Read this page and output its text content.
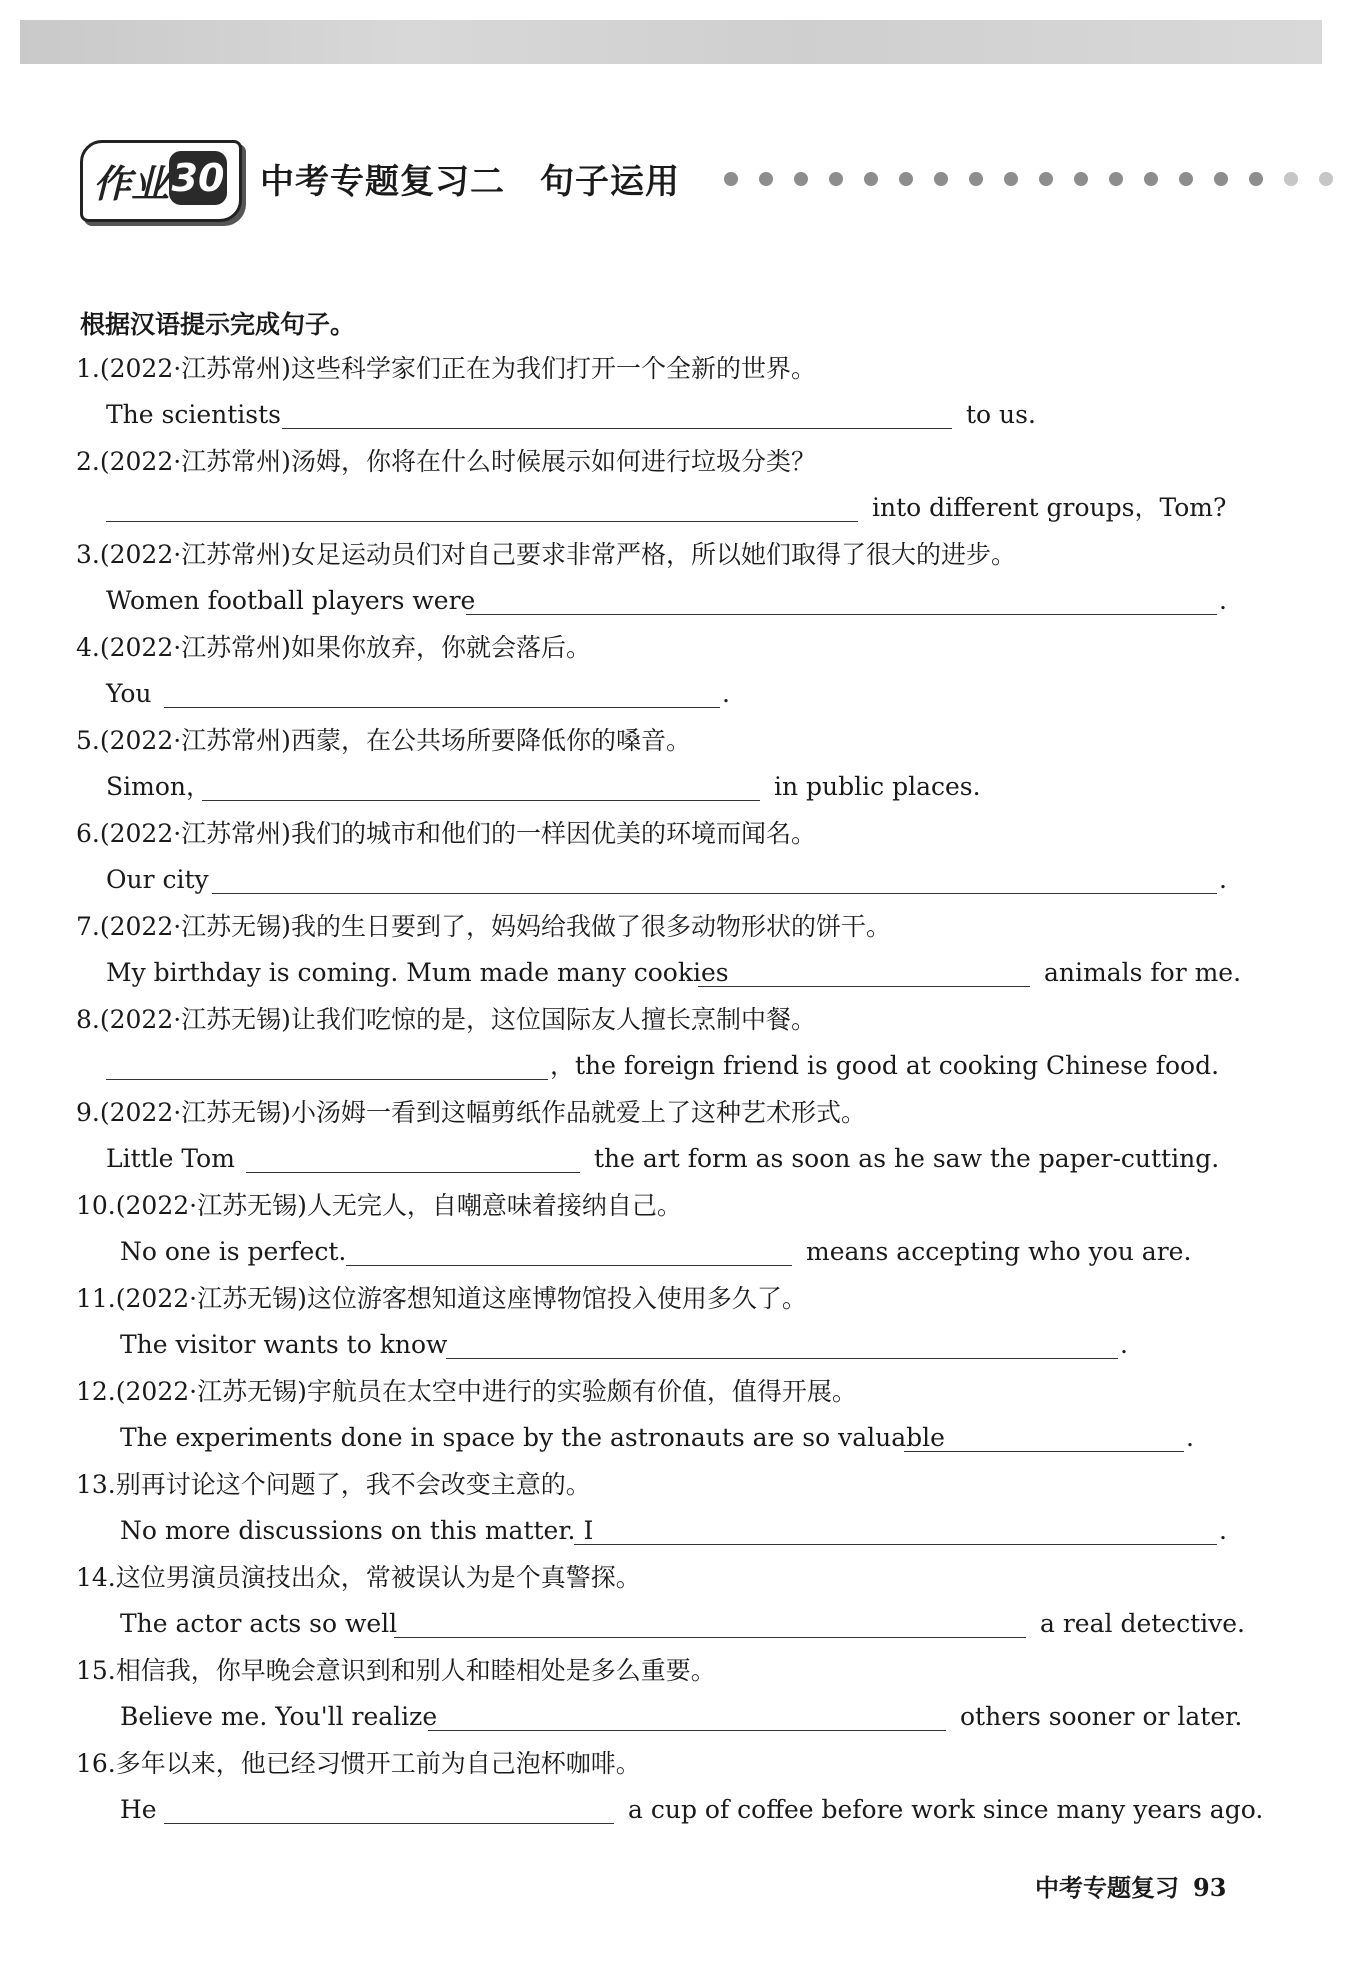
作业 30 中考专题复习二　句子运用
根据汉语提示完成句子。
1.(2022·江苏常州)这些科学家们正在为我们打开一个全新的世界。
The scientists	to us.
2.(2022·江苏常州)汤姆，你将在什么时候展示如何进行垃圾分类？
into different groups，Tom?
3.(2022·江苏常州)女足运动员们对自己要求非常严格，所以她们取得了很大的进步。
Women football players were	.
4.(2022·江苏常州)如果你放弃，你就会落后。
You	.
5.(2022·江苏常州)西蒙，在公共场所要降低你的嗓音。
Simon，	in public places.
6.(2022·江苏常州)我们的城市和他们的一样因优美的环境而闻名。
Our city	.
7.(2022·江苏无锡)我的生日要到了，妈妈给我做了很多动物形状的饼干。
My birthday is coming. Mum made many cookies	animals for me.
8.(2022·江苏无锡)让我们吃惊的是，这位国际友人擅长烹制中餐。
，the foreign friend is good at cooking Chinese food.
9.(2022·江苏无锡)小汤姆一看到这幅剪纸作品就爱上了这种艺术形式。
Little Tom	the art form as soon as he saw the paper-cutting.
10.(2022·江苏无锡)人无完人，自嘲意味着接纳自己。
No one is perfect.	means accepting who you are.
11.(2022·江苏无锡)这位游客想知道这座博物馆投入使用多久了。
The visitor wants to know	.
12.(2022·江苏无锡)宇航员在太空中进行的实验颇有价值，值得开展。
The experiments done in space by the astronauts are so valuable	.
13.别再讨论这个问题了，我不会改变主意的。
No more discussions on this matter. I	.
14.这位男演员演技出众，常被误认为是个真警探。
The actor acts so well	a real detective.
15.相信我，你早晚会意识到和别人和睦相处是多么重要。
Believe me. You'll realize	others sooner or later.
16.多年以来，他已经习惯开工前为自己泡杯咖啡。
He	a cup of coffee before work since many years ago.
中考专题复习 93
